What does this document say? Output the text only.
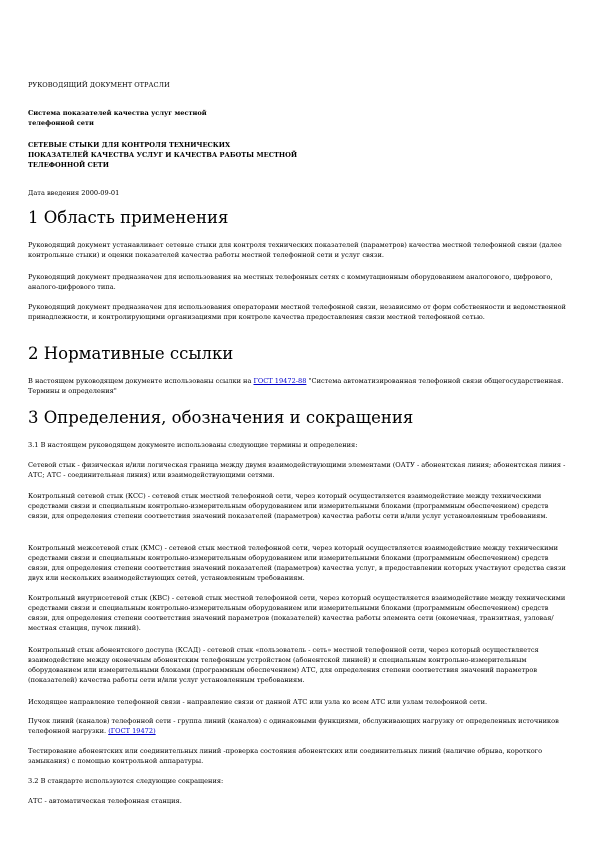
РУКОВОДЯЩИЙ ДОКУМЕНТ ОТРАСЛИ
Система показателей качества услуг местной
телефонной сети
СЕТЕВЫЕ СТЫКИ ДЛЯ КОНТРОЛЯ ТЕХНИЧЕСКИХ
ПОКАЗАТЕЛЕЙ КАЧЕСТВА УСЛУГ И КАЧЕСТВА РАБОТЫ МЕСТНОЙ
ТЕЛЕФОННОЙ СЕТИ
Дата введения 2000-09-01
1 Область применения
Руководящий документ устанавливает сетевые стыки для контроля технических показателей (параметров) качества местной телефонной связи (далее контрольные стыки) и оценки показателей качества работы местной телефонной сети и услуг связи.
Руководящий документ предназначен для использования на местных телефонных сетях с коммутационным оборудованием аналогового, цифрового, аналого-цифрового типа.
Руководящий документ предназначен для использования операторами местной телефонной связи, независимо от форм собственности и ведомственной принадлежности, и контролирующими организациями при контроле качества предоставления связи местной телефонной сетью.
2 Нормативные ссылки
В настоящем руководящем документе использованы ссылки на ГОСТ 19472-88 "Система автоматизированная телефонной связи общегосударственная. Термины и определения"
3 Определения, обозначения и сокращения
3.1 В настоящем руководящем документе использованы следующие термины и определения:
Сетевой стык - физическая и/или логическая граница между двумя взаимодействующими элементами (ОАТУ - абонентская линия; абонентская линия - АТС; АТС - соединительная линия) или взаимодействующими сетями.
Контрольный сетевой стык (КСС) - сетевой стык местной телефонной сети, через который осуществляется взаимодействие между техническими средствами связи и специальным контрольно-измерительным оборудованием или измерительными блоками (программным обеспечением) средств связи, для определения степени соответствия значений показателей (параметров) качества работы сети и/или услуг установленным требованиям.
Контрольный межсетевой стык (КМС) - сетевой стык местной телефонной сети, через который осуществляется взаимодействие между техническими средствами связи и специальным контрольно-измерительным оборудованием или измерительными блоками (программным обеспечением) средств связи, для определения степени соответствия значений показателей (параметров) качества услуг, в предоставлении которых участвуют средства связи двух или нескольких взаимодействующих сетей, установленным требованиям.
Контрольный внутрисетевой стык (КВС) - сетевой стык местной телефонной сети, через который осуществляется взаимодействие между техническими средствами связи и специальным контрольно-измерительным оборудованием или измерительными блоками (программным обеспечением) средств связи, для определения степени соответствия значений параметров (показателей) качества работы элемента сети (оконечная, транзитная, узловая/местная станция, пучок линий).
Контрольный стык абонентского доступа (КСАД) - сетевой стык «пользователь - сеть» местной телефонной сети, через который осуществляется взаимодействие между оконечным абонентским телефонным устройством (абонентской линией) и специальным контрольно-измерительным оборудованием или измерительными блоками (программным обеспечением) АТС, для определения степени соответствия значений параметров (показателей) качества работы сети и/или услуг установленным требованиям.
Исходящее направление телефонной связи - направление связи от данной АТС или узла ко всем АТС или узлам телефонной сети.
Пучок линий (каналов) телефонной сети - группа линий (каналов) с одинаковыми функциями, обслуживающих нагрузку от определенных источников телефонной нагрузки. (ГОСТ 19472)
Тестирование абонентских или соединительных линий -проверка состояния абонентских или соединительных линий (наличие обрыва, короткого замыкания) с помощью контрольной аппаратуры.
3.2 В стандарте используются следующие сокращения:
АТС - автоматическая телефонная станция.
